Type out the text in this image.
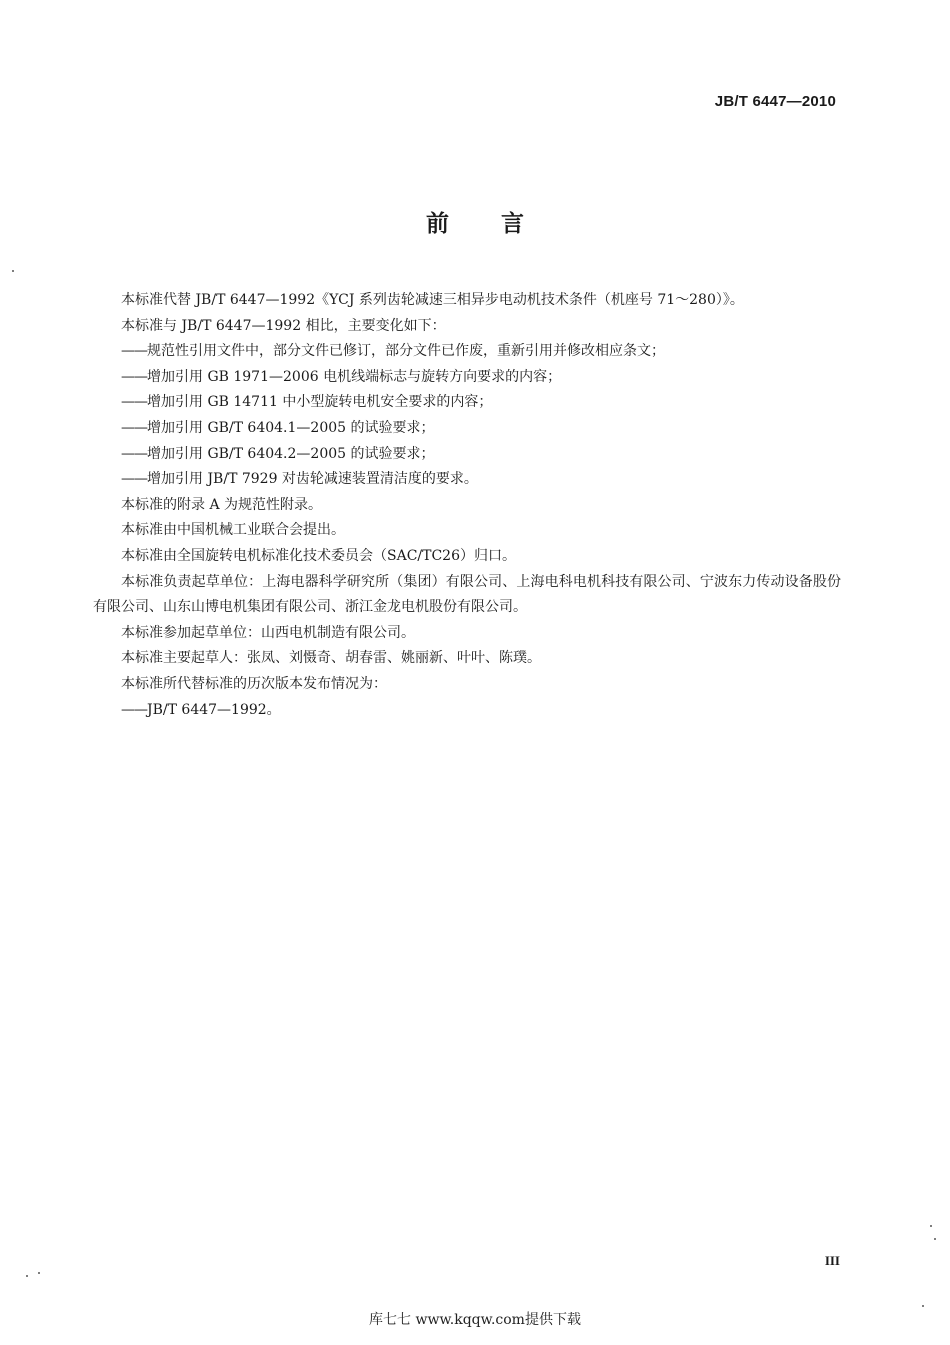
JB/T 6447—2010
前言

本标准代替 JB/T 6447—1992《YCJ 系列齿轮减速三相异步电动机技术条件（机座号 71～280）》。

本标准与 JB/T 6447—1992 相比，主要变化如下：

——规范性引用文件中，部分文件已修订，部分文件已作废，重新引用并修改相应条文；

——增加引用 GB 1971—2006 电机线端标志与旋转方向要求的内容；

——增加引用 GB 14711 中小型旋转电机安全要求的内容；

——增加引用 GB/T 6404.1—2005 的试验要求；

——增加引用 GB/T 6404.2—2005 的试验要求；

——增加引用 JB/T 7929 对齿轮减速装置清洁度的要求。

本标准的附录 A 为规范性附录。

本标准由中国机械工业联合会提出。

本标准由全国旋转电机标准化技术委员会（SAC/TC26）归口。

本标准负责起草单位：上海电器科学研究所（集团）有限公司、上海电科电机科技有限公司、宁波东力传动设备股份有限公司、山东山博电机集团有限公司、浙江金龙电机股份有限公司。

本标准参加起草单位：山西电机制造有限公司。

本标准主要起草人：张凤、刘慑奇、胡春雷、姚丽新、叶叶、陈璞。

本标准所代替标准的历次版本发布情况为：

——JB/T 6447—1992。

III
库七七 www.kqqw.com提供下载
